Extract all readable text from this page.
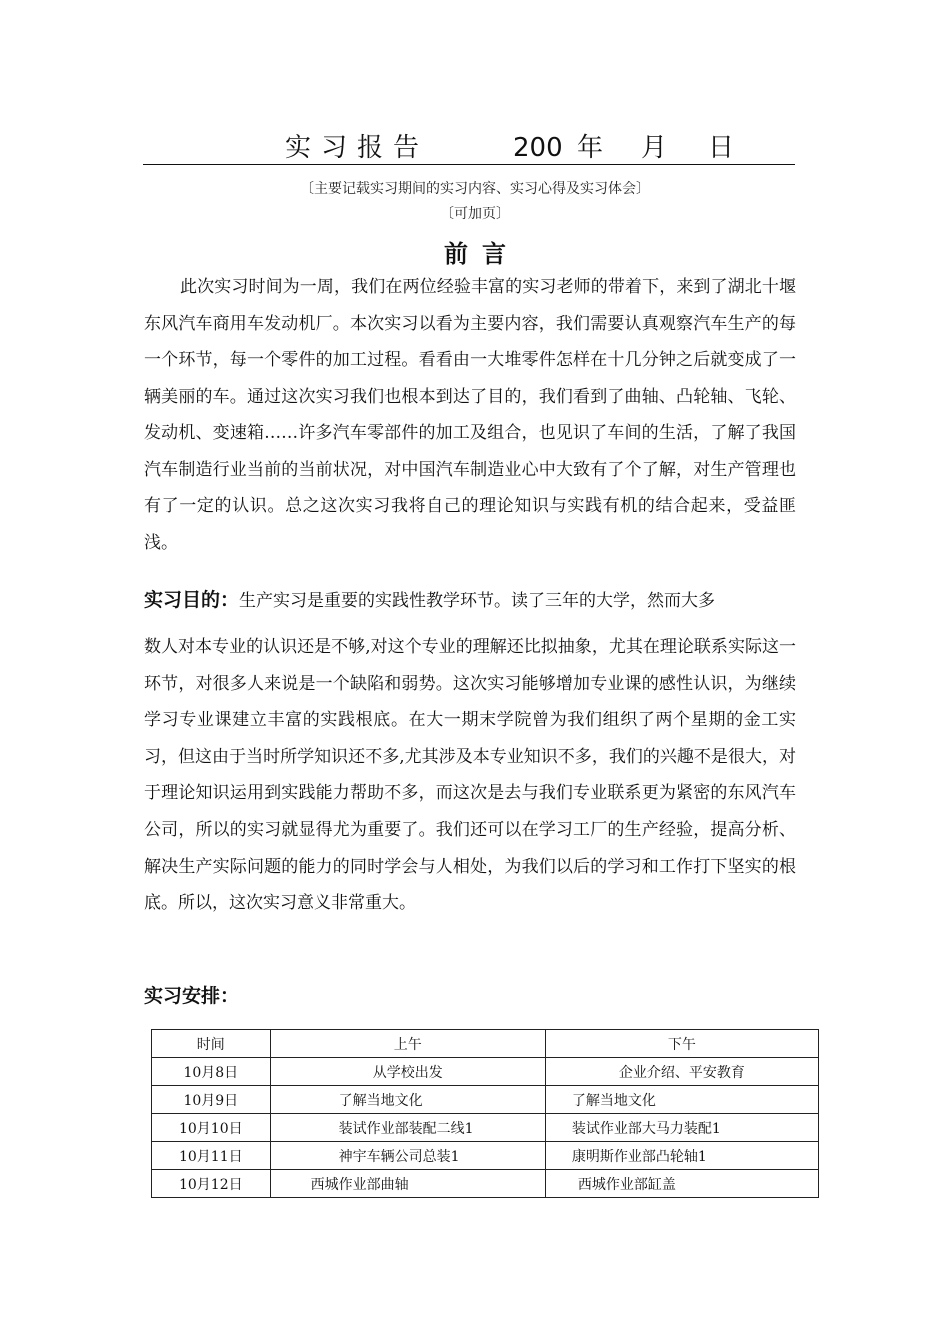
实习报告	200 年 月 日
〔主要记载实习期间的实习内容、实习心得及实习体会〕
〔可加页〕
前言

此次实习时间为一周，我们在两位经验丰富的实习老师的带着下，来到了湖北十堰东风汽车商用车发动机厂。本次实习以看为主要内容，我们需要认真观察汽车生产的每一个环节，每一个零件的加工过程。看看由一大堆零件怎样在十几分钟之后就变成了一辆美丽的车。通过这次实习我们也根本到达了目的，我们看到了曲轴、凸轮轴、飞轮、发动机、变速箱……许多汽车零部件的加工及组合，也见识了车间的生活，了解了我国汽车制造行业当前的当前状况，对中国汽车制造业心中大致有了个了解，对生产管理也有了一定的认识。总之这次实习我将自己的理论知识与实践有机的结合起来，受益匪浅。

实习目的：生产实习是重要的实践性教学环节。读了三年的大学，然而大多

数人对本专业的认识还是不够,对这个专业的理解还比拟抽象，尤其在理论联系实际这一环节，对很多人来说是一个缺陷和弱势。这次实习能够增加专业课的感性认识，为继续学习专业课建立丰富的实践根底。在大一期末学院曾为我们组织了两个星期的金工实习，但这由于当时所学知识还不多,尤其涉及本专业知识不多，我们的兴趣不是很大，对于理论知识运用到实践能力帮助不多，而这次是去与我们专业联系更为紧密的东风汽车公司，所以的实习就显得尤为重要了。我们还可以在学习工厂的生产经验，提高分析、解决生产实际问题的能力的同时学会与人相处，为我们以后的学习和工作打下坚实的根底。所以，这次实习意义非常重大。

实习安排：
时间	上午	下午
10月8日	从学校出发	企业介绍、平安教育
10月9日	了解当地文化	了解当地文化
10月10日	装试作业部装配二线1	装试作业部大马力装配1
10月11日	神宇车辆公司总装1	康明斯作业部凸轮轴1
10月12日	西城作业部曲轴	西城作业部缸盖
